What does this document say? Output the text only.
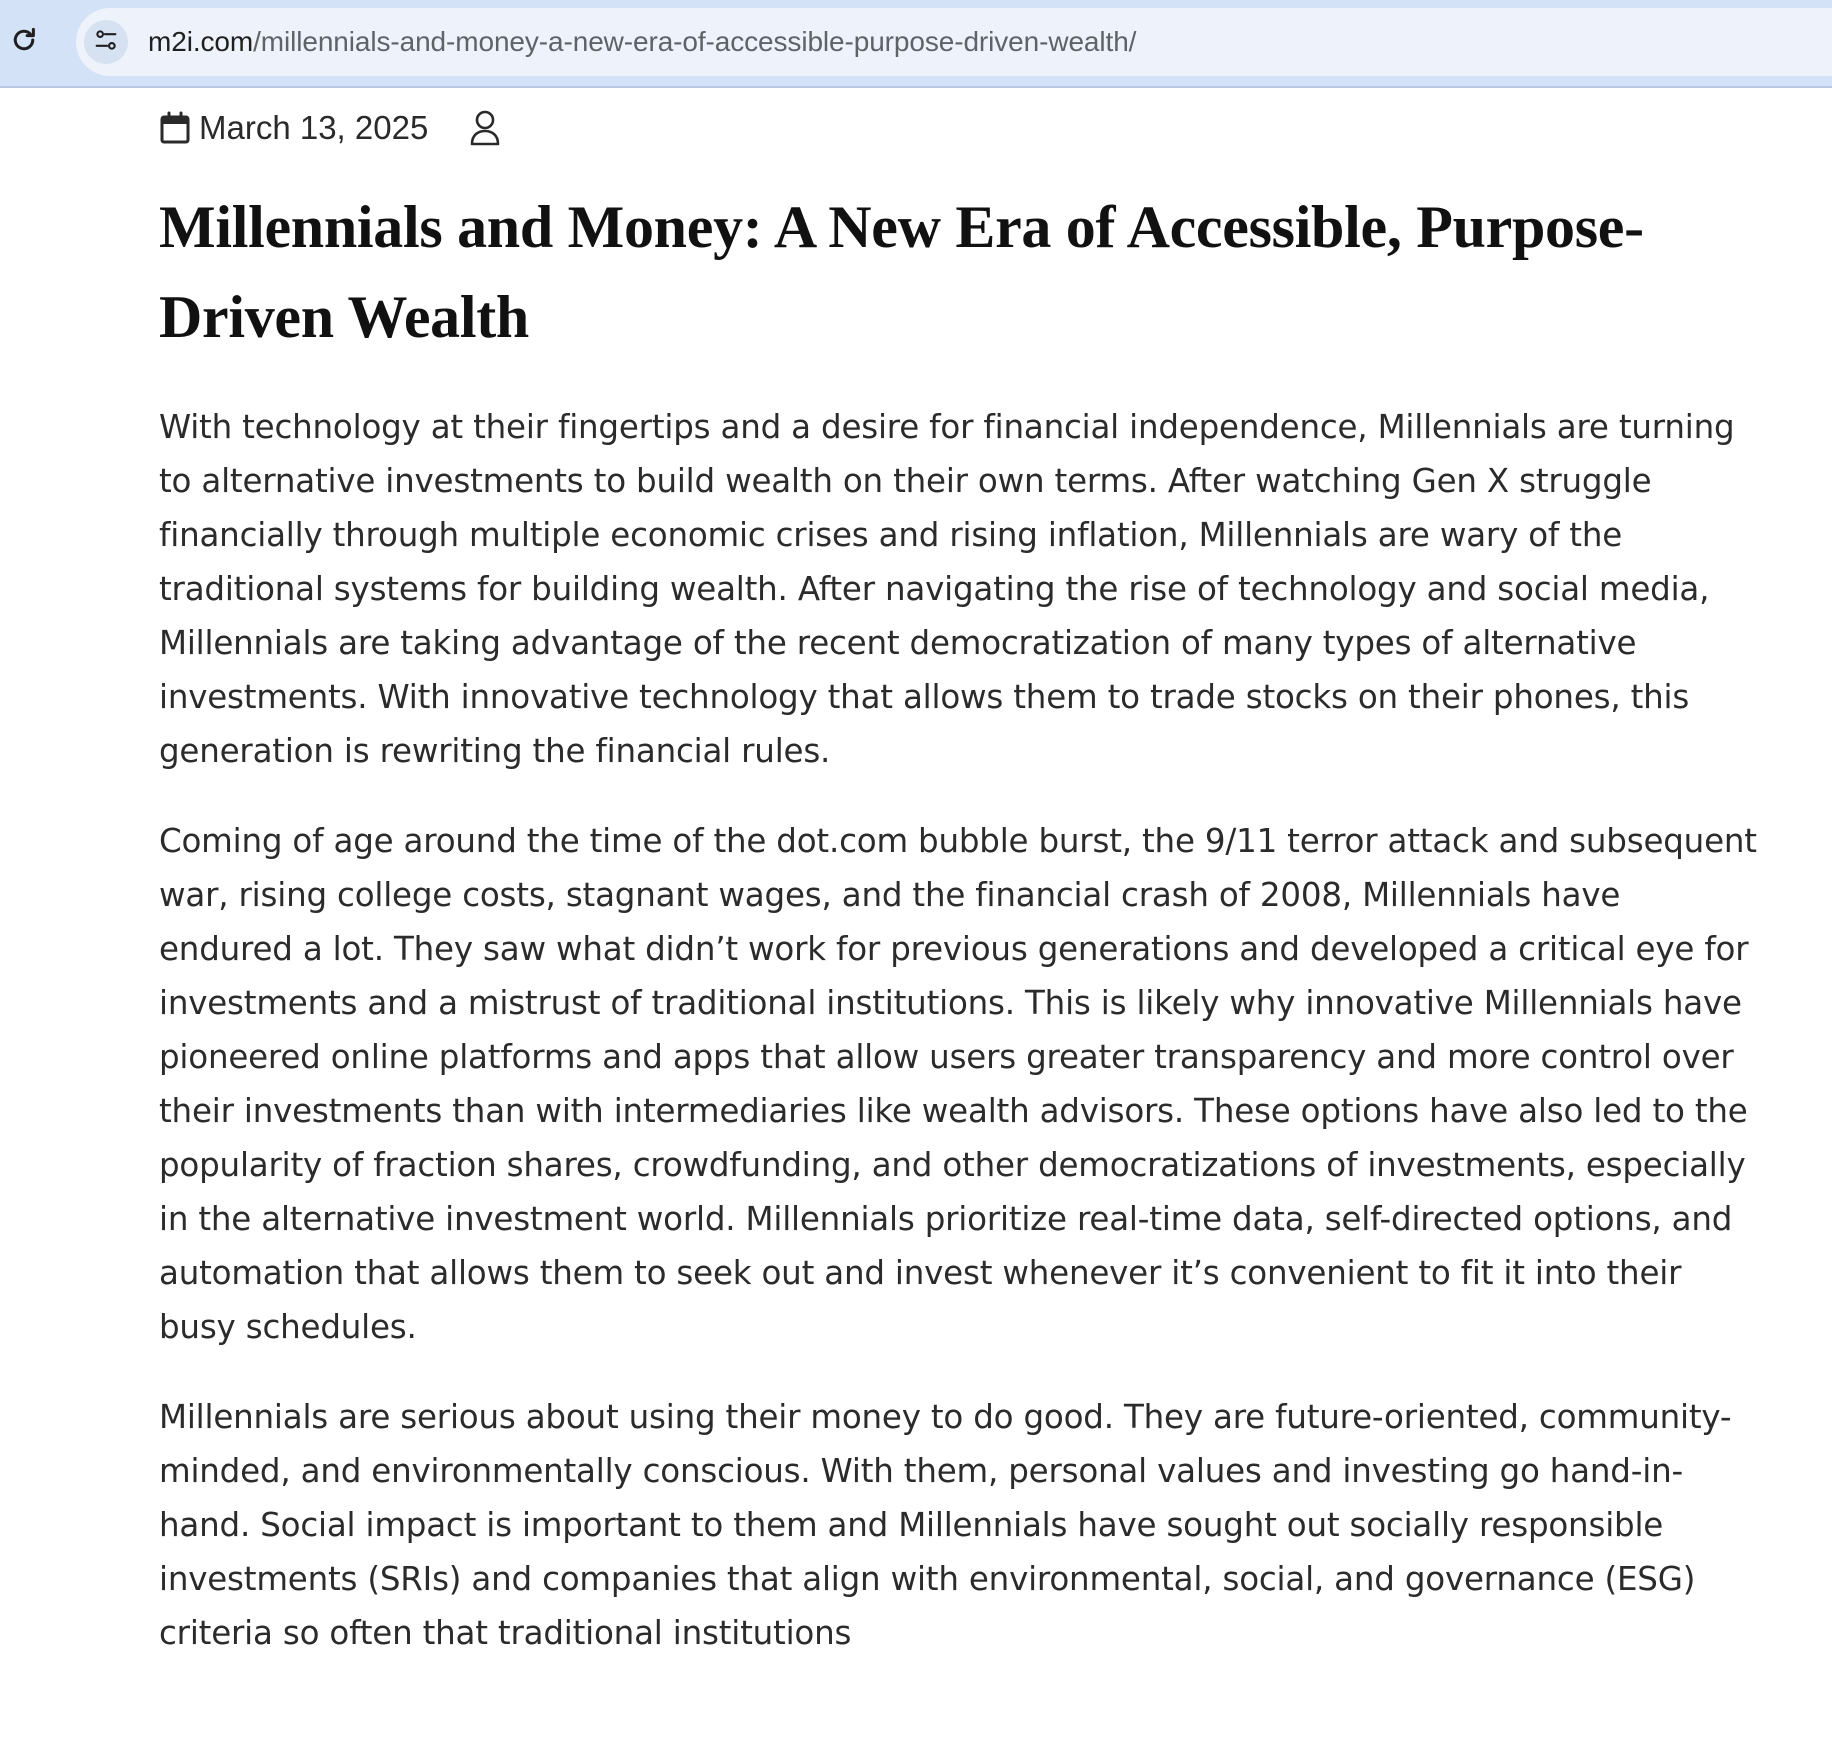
m2i.com/millennials-and-money-a-new-era-of-accessible-purpose-driven-wealth/
March 13, 2025
Millennials and Money: A New Era of Accessible, Purpose-Driven Wealth

With technology at their fingertips and a desire for financial independence, Millennials are turning to alternative investments to build wealth on their own terms. After watching Gen X struggle financially through multiple economic crises and rising inflation, Millennials are wary of the traditional systems for building wealth. After navigating the rise of technology and social media, Millennials are taking advantage of the recent democratization of many types of alternative investments. With innovative technology that allows them to trade stocks on their phones, this generation is rewriting the financial rules.

Coming of age around the time of the dot.com bubble burst, the 9/11 terror attack and subsequent war, rising college costs, stagnant wages, and the financial crash of 2008, Millennials have endured a lot. They saw what didn’t work for previous generations and developed a critical eye for investments and a mistrust of traditional institutions. This is likely why innovative Millennials have pioneered online platforms and apps that allow users greater transparency and more control over their investments than with intermediaries like wealth advisors. These options have also led to the popularity of fraction shares, crowdfunding, and other democratizations of investments, especially in the alternative investment world. Millennials prioritize real-time data, self-directed options, and automation that allows them to seek out and invest whenever it’s convenient to fit it into their busy schedules.

Millennials are serious about using their money to do good. They are future-oriented, community-minded, and environmentally conscious. With them, personal values and investing go hand-in-hand. Social impact is important to them and Millennials have sought out socially responsible investments (SRIs) and companies that align with environmental, social, and governance (ESG) criteria so often that traditional institutions
